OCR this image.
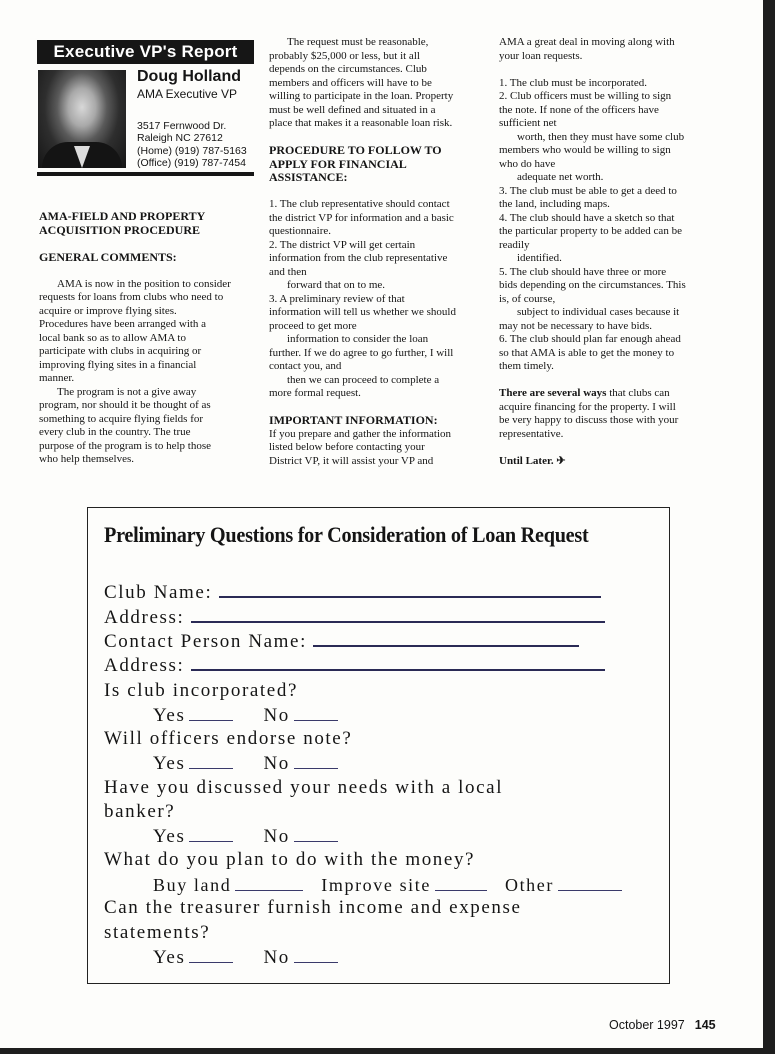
Executive VP's Report
Doug Holland
AMA Executive VP
3517 Fernwood Dr.
Raleigh NC 27612
(Home) (919) 787-5163
(Office) (919) 787-7454
AMA-FIELD AND PROPERTY
ACQUISITION PROCEDURE
GENERAL COMMENTS:
AMA is now in the position to consider
requests for loans from clubs who need to
acquire or improve flying sites.
Procedures have been arranged with a
local bank so as to allow AMA to
participate with clubs in acquiring or
improving flying sites in a financial
manner.
The program is not a give away
program, nor should it be thought of as
something to acquire flying fields for
every club in the country. The true
purpose of the program is to help those
who help themselves.
The request must be reasonable,
probably $25,000 or less, but it all
depends on the circumstances. Club
members and officers will have to be
willing to participate in the loan. Property
must be well defined and situated in a
place that makes it a reasonable loan risk.
PROCEDURE TO FOLLOW TO
APPLY FOR FINANCIAL
ASSISTANCE:
1. The club representative should contact
the district VP for information and a basic
questionnaire.
2. The district VP will get certain
information from the club representative
and then
forward that on to me.
3. A preliminary review of that
information will tell us whether we should
proceed to get more
information to consider the loan
further. If we do agree to go further, I will
contact you, and
then we can proceed to complete a
more formal request.
IMPORTANT INFORMATION:
If you prepare and gather the information
listed below before contacting your
District VP, it will assist your VP and
AMA a great deal in moving along with
your loan requests.
1. The club must be incorporated.
2. Club officers must be willing to sign
the note. If none of the officers have
sufficient net
worth, then they must have some club
members who would be willing to sign
who do have
adequate net worth.
3. The club must be able to get a deed to
the land, including maps.
4. The club should have a sketch so that
the particular property to be added can be
readily
identified.
5. The club should have three or more
bids depending on the circumstances. This
is, of course,
subject to individual cases because it
may not be necessary to have bids.
6. The club should plan far enough ahead
so that AMA is able to get the money to
them timely.
There are several ways that clubs can
acquire financing for the property. I will
be very happy to discuss those with your
representative.
Until Later. ✈
Preliminary Questions for Consideration of Loan Request
Club Name:
Address:
Contact Person Name:
Address:
Is club incorporated?
Yes	No
Will officers endorse note?
Yes	No
Have you discussed your needs with a local
banker?
Yes	No
What do you plan to do with the money?
Buy land	Improve site	Other
Can the treasurer furnish income and expense
statements?
Yes	No
October 1997 145
